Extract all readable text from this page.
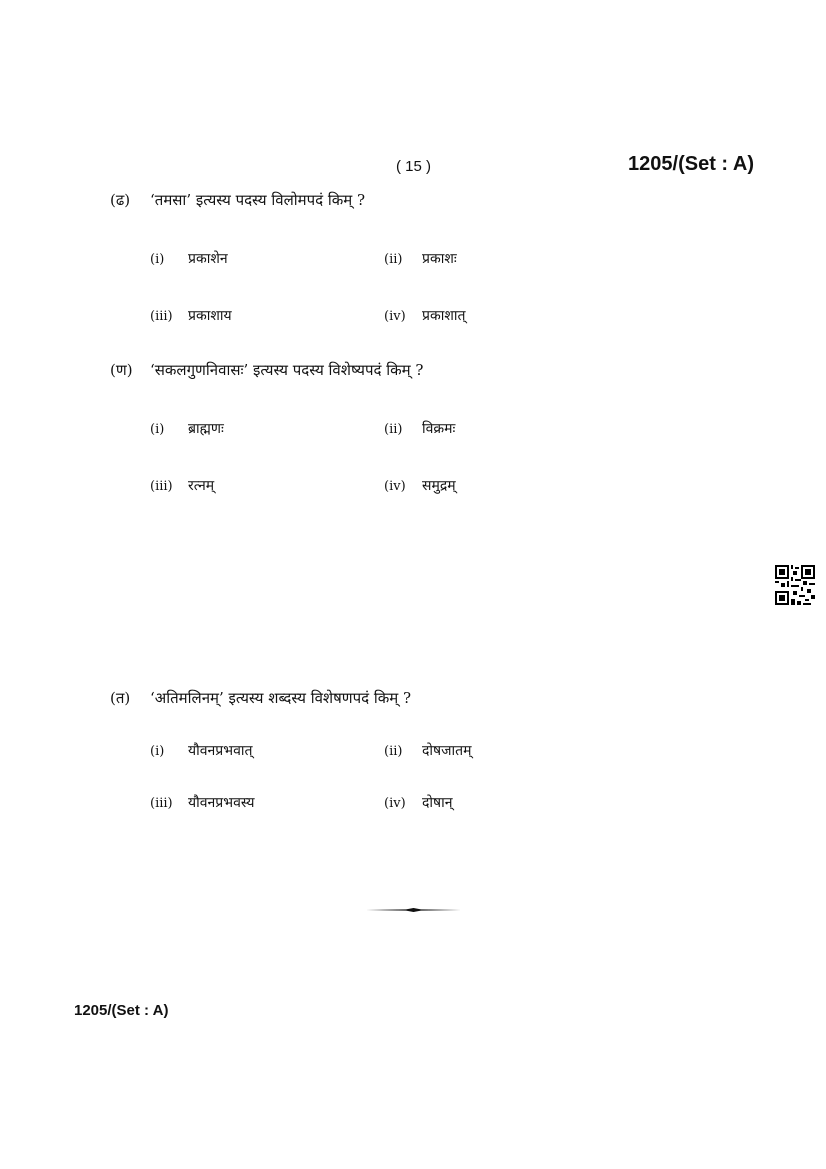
( 15 )	1205/(Set : A)
(ढ)	‘तमसा’ इत्यस्य पदस्य विलोमपदं किम् ?
(i)	प्रकाशेन	(ii)	प्रकाशः
(iii)	प्रकाशाय	(iv)	प्रकाशात्
(ण)	‘सकलगुणनिवासः’ इत्यस्य पदस्य विशेष्यपदं किम् ?
(i)	ब्राह्मणः	(ii)	विक्रमः
(iii)	रत्नम्	(iv)	समुद्रम्
(त)	‘अतिमलिनम्’ इत्यस्य शब्दस्य विशेषणपदं किम् ?
(i)	यौवनप्रभवात्	(ii)	दोषजातम्
(iii)	यौवनप्रभवस्य	(iv)	दोषान्
1205/(Set : A)
